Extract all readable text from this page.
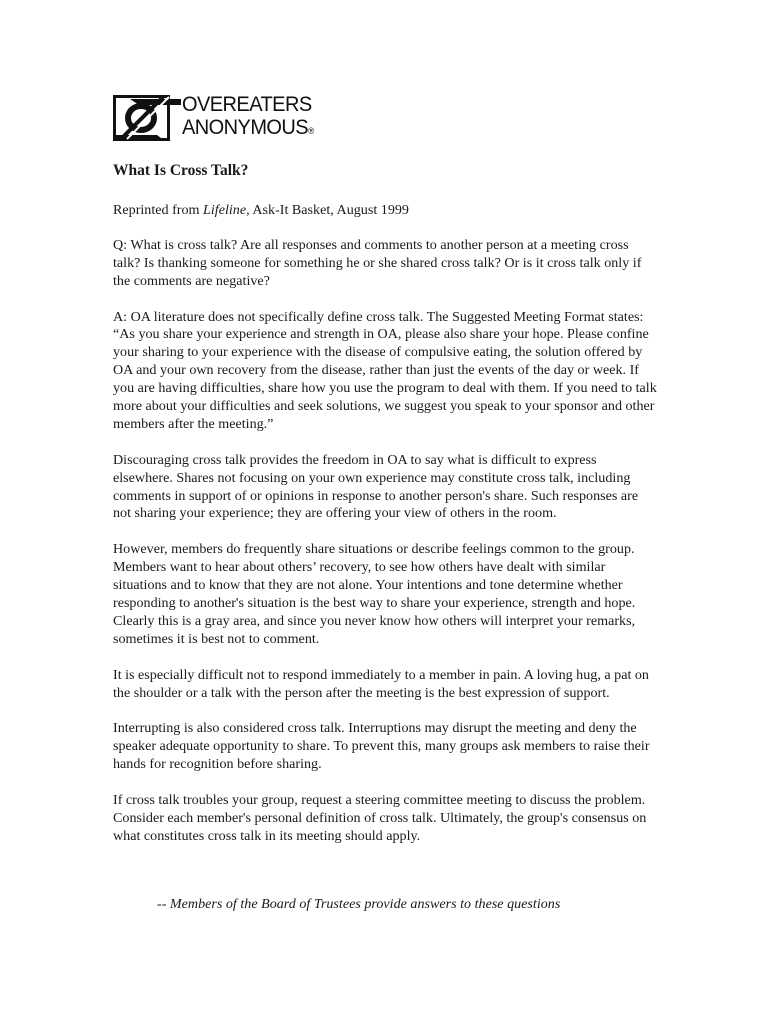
OVEREATERS
ANONYMOUS®
What Is Cross Talk?

Reprinted from Lifeline, Ask-It Basket, August 1999

Q: What is cross talk? Are all responses and comments to another person at a meeting cross talk? Is thanking someone for something he or she shared cross talk? Or is it cross talk only if the comments are negative?

A: OA literature does not specifically define cross talk. The Suggested Meeting Format states: “As you share your experience and strength in OA, please also share your hope. Please confine your sharing to your experience with the disease of compulsive eating, the solution offered by OA and your own recovery from the disease, rather than just the events of the day or week. If you are having difficulties, share how you use the program to deal with them. If you need to talk more about your difficulties and seek solutions, we suggest you speak to your sponsor and other members after the meeting.”

Discouraging cross talk provides the freedom in OA to say what is difficult to express elsewhere. Shares not focusing on your own experience may constitute cross talk, including comments in support of or opinions in response to another person's share. Such responses are not sharing your experience; they are offering your view of others in the room.

However, members do frequently share situations or describe feelings common to the group. Members want to hear about others’ recovery, to see how others have dealt with similar situations and to know that they are not alone. Your intentions and tone determine whether responding to another's situation is the best way to share your experience, strength and hope. Clearly this is a gray area, and since you never know how others will interpret your remarks, sometimes it is best not to comment.

It is especially difficult not to respond immediately to a member in pain. A loving hug, a pat on the shoulder or a talk with the person after the meeting is the best expression of support.

Interrupting is also considered cross talk. Interruptions may disrupt the meeting and deny the speaker adequate opportunity to share. To prevent this, many groups ask members to raise their hands for recognition before sharing.

If cross talk troubles your group, request a steering committee meeting to discuss the problem. Consider each member's personal definition of cross talk. Ultimately, the group's consensus on what constitutes cross talk in its meeting should apply.

-- Members of the Board of Trustees provide answers to these questions
